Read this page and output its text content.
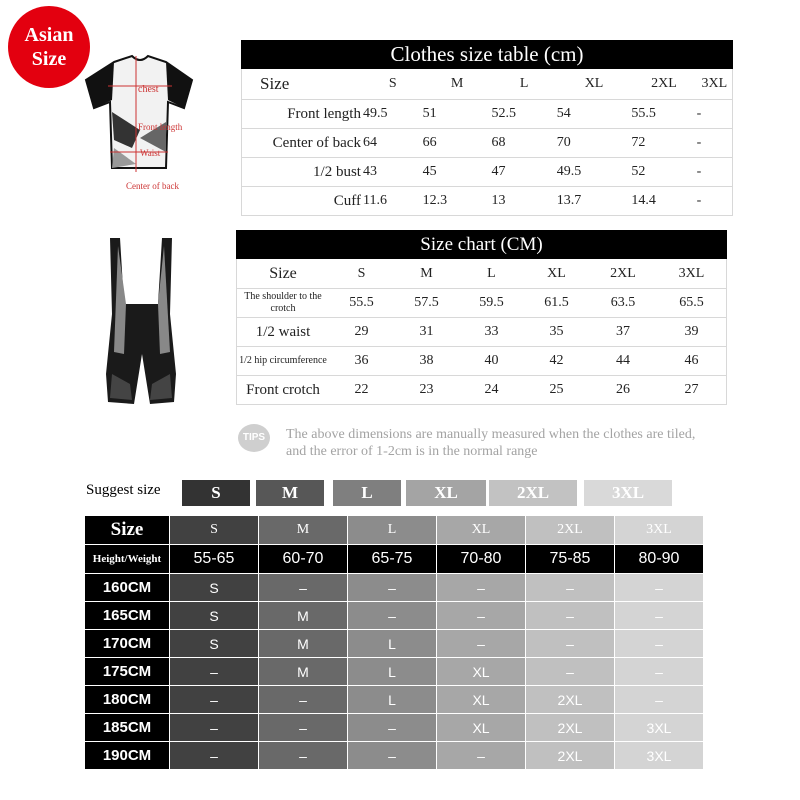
Asian
Size
chest
Front length
Waist
Center of back
Clothes size table (cm)
Size	S	M	L	XL	2XL	3XL
Front length	49.5	51	52.5	54	55.5	-
Center of back	64	66	68	70	72	-
1/2 bust	43	45	47	49.5	52	-
Cuff	11.6	12.3	13	13.7	14.4	-
Size chart (CM)
Size	S	M	L	XL	2XL	3XL
The shoulder to the crotch	55.5	57.5	59.5	61.5	63.5	65.5
1/2 waist	29	31	33	35	37	39
1/2 hip circumference	36	38	40	42	44	46
Front crotch	22	23	24	25	26	27
TIPS	The above dimensions are manually measured when the clothes are tiled,
and the error of 1-2cm is in the normal range
Suggest size	S	M	L	XL	2XL	3XL
Size	S	M	L	XL	2XL	3XL
Height/Weight	55-65	60-70	65-75	70-80	75-85	80-90
160CM	S	–	–	–	–	–
165CM	S	M	–	–	–	–
170CM	S	M	L	–	–	–
175CM	–	M	L	XL	–	–
180CM	–	–	L	XL	2XL	–
185CM	–	–	–	XL	2XL	3XL
190CM	–	–	–	–	2XL	3XL
